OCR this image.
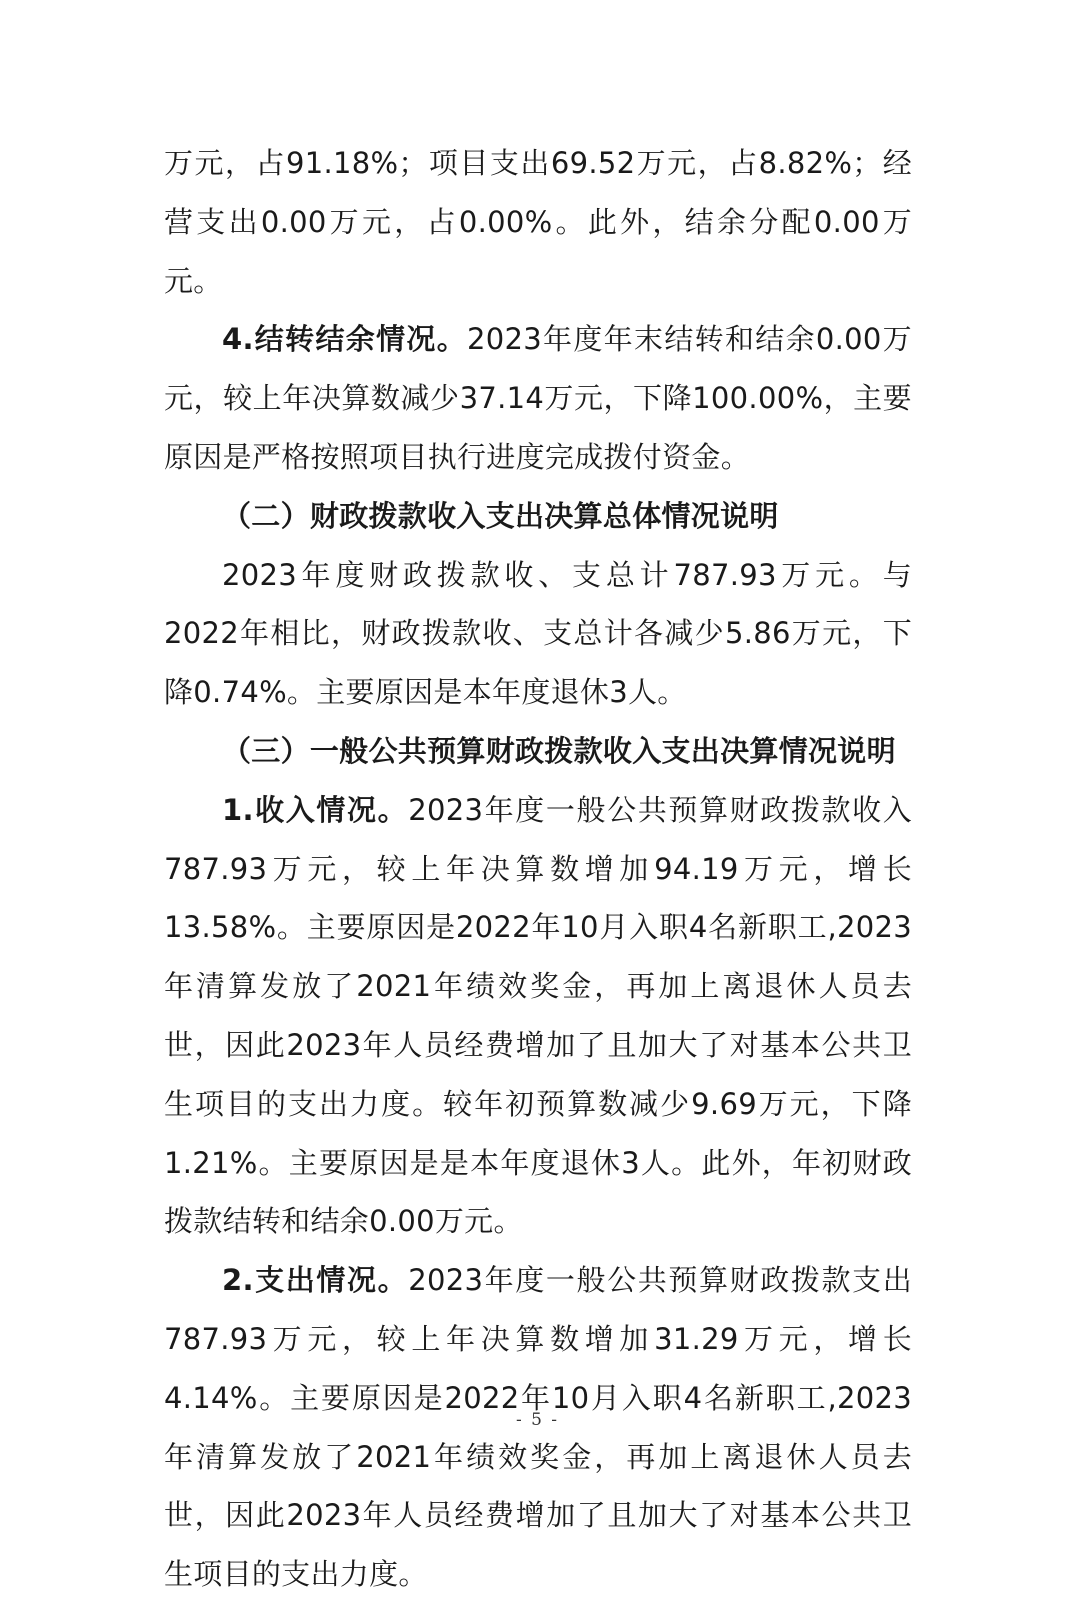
万元，占91.18%；项目支出69.52万元，占8.82%；经营支出0.00万元，占0.00%。此外，结余分配0.00万元。

4.结转结余情况。2023年度年末结转和结余0.00万元，较上年决算数减少37.14万元，下降100.00%，主要原因是严格按照项目执行进度完成拨付资金。

（二）财政拨款收入支出决算总体情况说明

2023年度财政拨款收、支总计787.93万元。与2022年相比，财政拨款收、支总计各减少5.86万元，下降0.74%。主要原因是本年度退休3人。

（三）一般公共预算财政拨款收入支出决算情况说明

1.收入情况。2023年度一般公共预算财政拨款收入787.93万元，较上年决算数增加94.19万元，增长13.58%。主要原因是2022年10月入职4名新职工,2023年清算发放了2021年绩效奖金，再加上离退休人员去世，因此2023年人员经费增加了且加大了对基本公共卫生项目的支出力度。较年初预算数减少9.69万元，下降1.21%。主要原因是是本年度退休3人。此外，年初财政拨款结转和结余0.00万元。

2.支出情况。2023年度一般公共预算财政拨款支出787.93万元，较上年决算数增加31.29万元，增长4.14%。主要原因是2022年10月入职4名新职工,2023年清算发放了2021年绩效奖金，再加上离退休人员去世，因此2023年人员经费增加了且加大了对基本公共卫生项目的支出力度。

- 5 -
